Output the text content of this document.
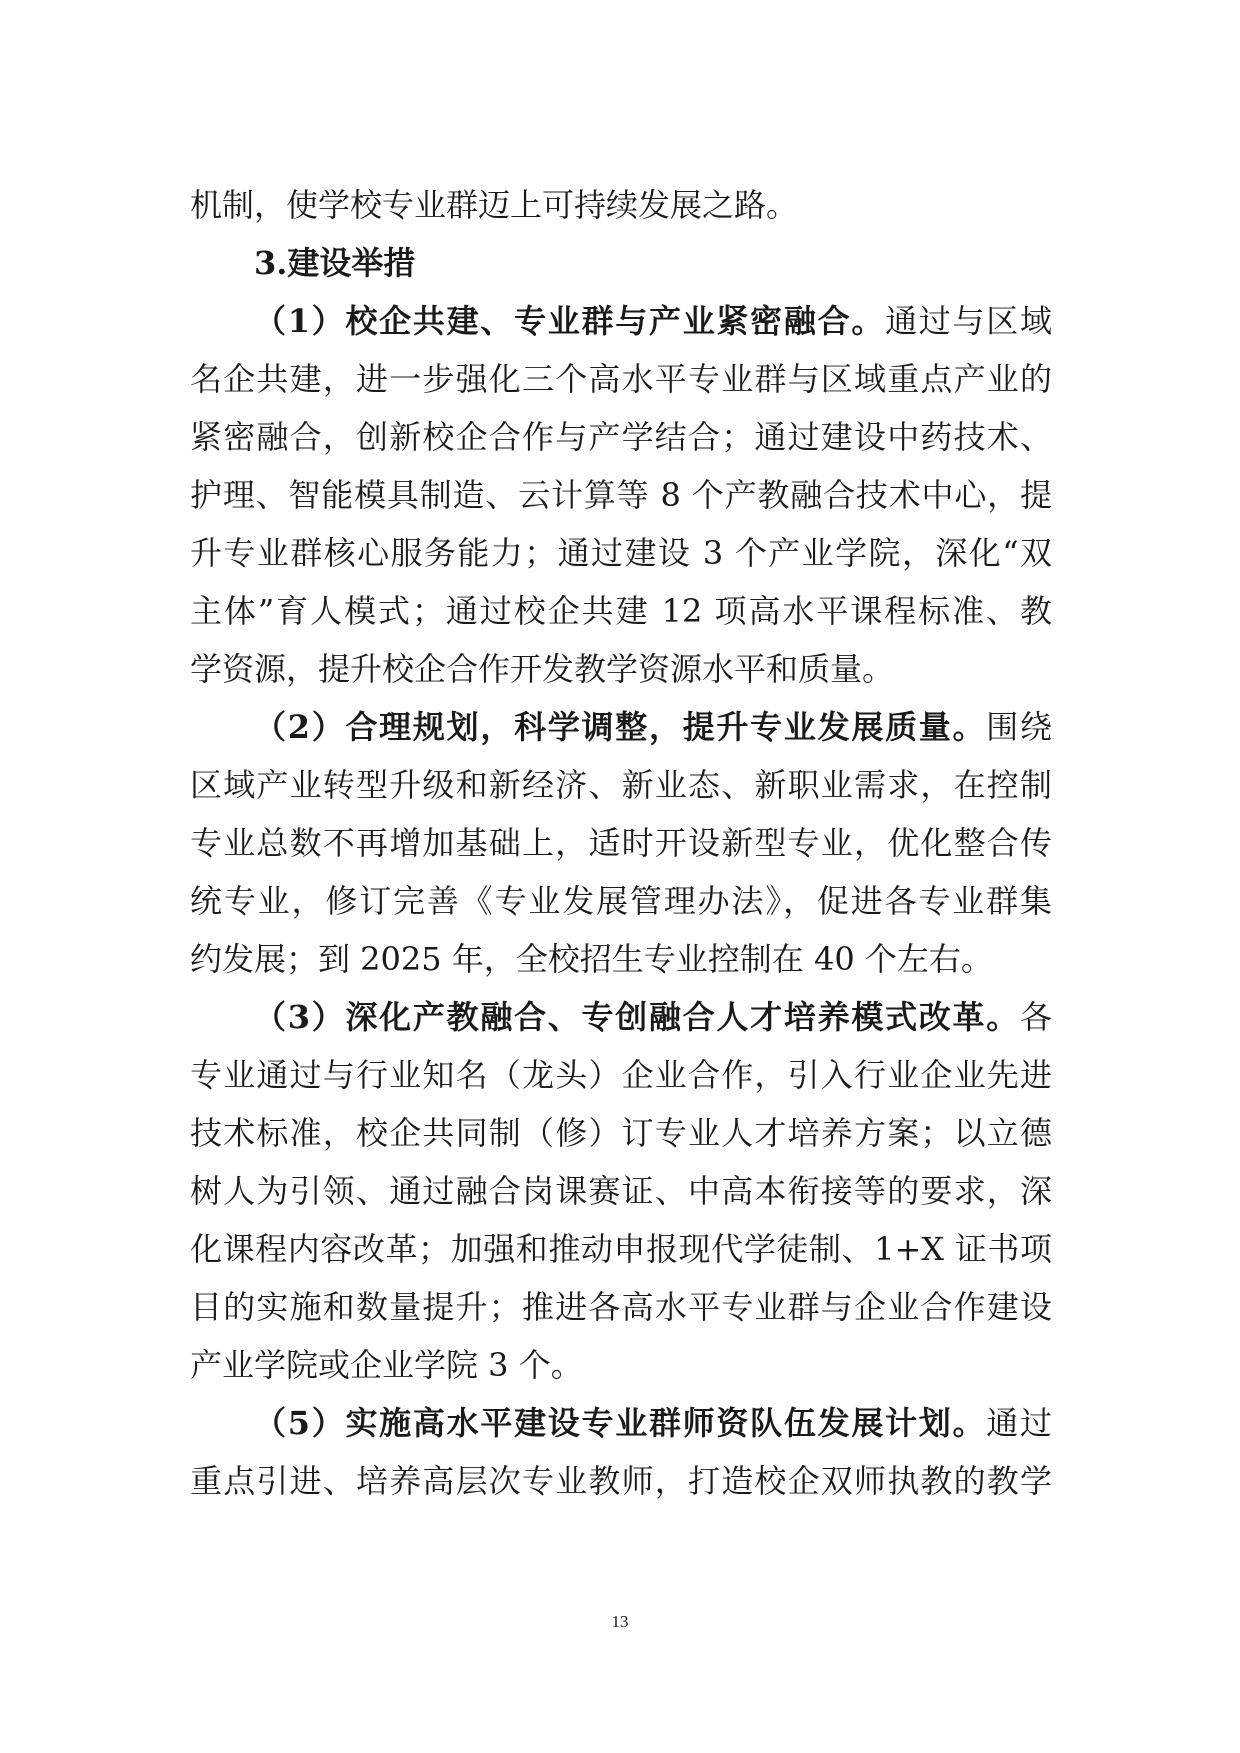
机制，使学校专业群迈上可持续发展之路。
3.建设举措
（1）校企共建、专业群与产业紧密融合。通过与区域
名企共建，进一步强化三个高水平专业群与区域重点产业的
紧密融合，创新校企合作与产学结合；通过建设中药技术、
护理、智能模具制造、云计算等 8 个产教融合技术中心，提
升专业群核心服务能力；通过建设 3 个产业学院，深化“双
主体”育人模式；通过校企共建 12 项高水平课程标准、教
学资源，提升校企合作开发教学资源水平和质量。
（2）合理规划，科学调整，提升专业发展质量。围绕
区域产业转型升级和新经济、新业态、新职业需求，在控制
专业总数不再增加基础上，适时开设新型专业，优化整合传
统专业，修订完善《专业发展管理办法》，促进各专业群集
约发展；到 2025 年，全校招生专业控制在 40 个左右。
（3）深化产教融合、专创融合人才培养模式改革。各
专业通过与行业知名（龙头）企业合作，引入行业企业先进
技术标准，校企共同制（修）订专业人才培养方案；以立德
树人为引领、通过融合岗课赛证、中高本衔接等的要求，深
化课程内容改革；加强和推动申报现代学徒制、1+X 证书项
目的实施和数量提升；推进各高水平专业群与企业合作建设
产业学院或企业学院 3 个。
（5）实施高水平建设专业群师资队伍发展计划。通过
重点引进、培养高层次专业教师，打造校企双师执教的教学
13
